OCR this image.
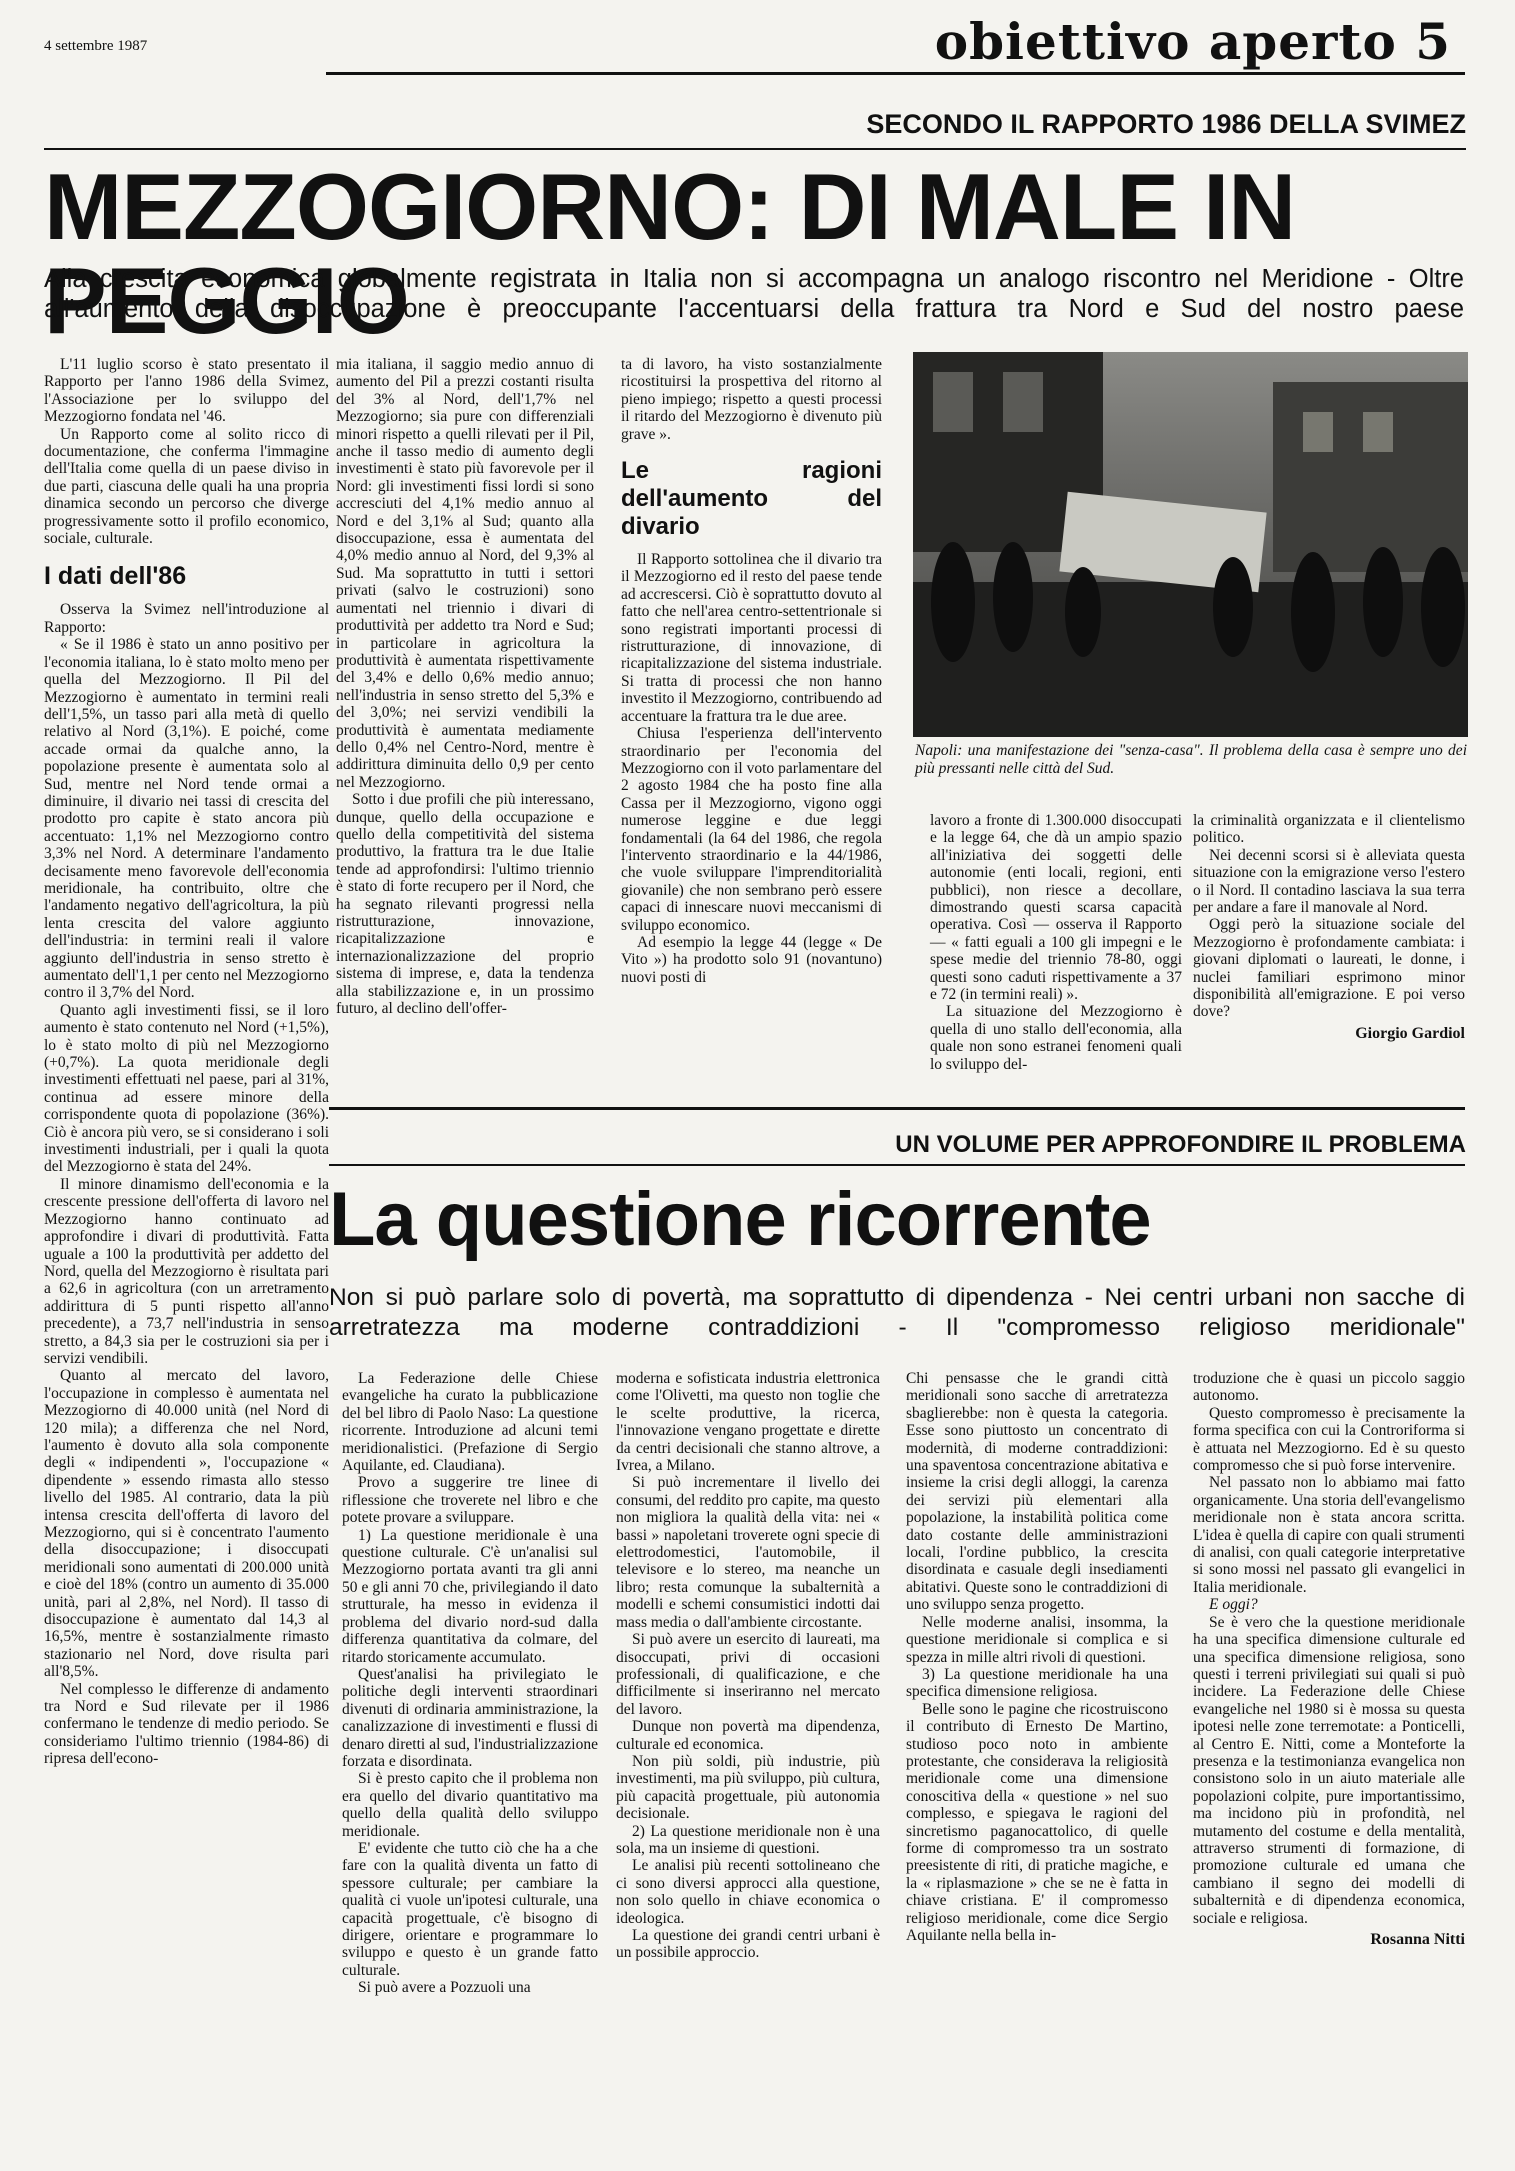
4 settembre 1987	obiettivo aperto 5
SECONDO IL RAPPORTO 1986 DELLA SVIMEZ
MEZZOGIORNO: DI MALE IN PEGGIO
Alla crescita economica globalmente registrata in Italia non si accompagna un analogo riscontro nel Meridione - Oltre all'aumento della disoccupazione è preoccupante l'accentuarsi della frattura tra Nord e Sud del nostro paese

L'11 luglio scorso è stato presentato il Rapporto per l'anno 1986 della Svimez, l'Associazione per lo sviluppo del Mezzogiorno fondata nel '46.

Un Rapporto come al solito ricco di documentazione, che conferma l'immagine dell'Italia come quella di un paese diviso in due parti, ciascuna delle quali ha una propria dinamica secondo un percorso che diverge progressivamente sotto il profilo economico, sociale, culturale.

I dati dell'86

Osserva la Svimez nell'introduzione al Rapporto:

« Se il 1986 è stato un anno positivo per l'economia italiana, lo è stato molto meno per quella del Mezzogiorno. Il Pil del Mezzogiorno è aumentato in termini reali dell'1,5%, un tasso pari alla metà di quello relativo al Nord (3,1%). E poiché, come accade ormai da qualche anno, la popolazione presente è aumentata solo al Sud, mentre nel Nord tende ormai a diminuire, il divario nei tassi di crescita del prodotto pro capite è stato ancora più accentuato: 1,1% nel Mezzogiorno contro 3,3% nel Nord. A determinare l'andamento decisamente meno favorevole dell'economia meridionale, ha contribuito, oltre che l'andamento negativo dell'agricoltura, la più lenta crescita del valore aggiunto dell'industria: in termini reali il valore aggiunto dell'industria in senso stretto è aumentato dell'1,1 per cento nel Mezzogiorno contro il 3,7% del Nord.

Quanto agli investimenti fissi, se il loro aumento è stato contenuto nel Nord (+1,5%), lo è stato molto di più nel Mezzogiorno (+0,7%). La quota meridionale degli investimenti effettuati nel paese, pari al 31%, continua ad essere minore della corrispondente quota di popolazione (36%). Ciò è ancora più vero, se si considerano i soli investimenti industriali, per i quali la quota del Mezzogiorno è stata del 24%.

Il minore dinamismo dell'economia e la crescente pressione dell'offerta di lavoro nel Mezzogiorno hanno continuato ad approfondire i divari di produttività. Fatta uguale a 100 la produttività per addetto del Nord, quella del Mezzogiorno è risultata pari a 62,6 in agricoltura (con un arretramento addirittura di 5 punti rispetto all'anno precedente), a 73,7 nell'industria in senso stretto, a 84,3 sia per le costruzioni sia per i servizi vendibili.

Quanto al mercato del lavoro, l'occupazione in complesso è aumentata nel Mezzogiorno di 40.000 unità (nel Nord di 120 mila); a differenza che nel Nord, l'aumento è dovuto alla sola componente degli « indipendenti », l'occupazione « dipendente » essendo rimasta allo stesso livello del 1985. Al contrario, data la più intensa crescita dell'offerta di lavoro del Mezzogiorno, qui si è concentrato l'aumento della disoccupazione; i disoccupati meridionali sono aumentati di 200.000 unità e cioè del 18% (contro un aumento di 35.000 unità, pari al 2,8%, nel Nord). Il tasso di disoccupazione è aumentato dal 14,3 al 16,5%, mentre è sostanzialmente rimasto stazionario nel Nord, dove risulta pari all'8,5%.

Nel complesso le differenze di andamento tra Nord e Sud rilevate per il 1986 confermano le tendenze di medio periodo. Se consideriamo l'ultimo triennio (1984-86) di ripresa dell'econo-

mia italiana, il saggio medio annuo di aumento del Pil a prezzi costanti risulta del 3% al Nord, dell'1,7% nel Mezzogiorno; sia pure con differenziali minori rispetto a quelli rilevati per il Pil, anche il tasso medio di aumento degli investimenti è stato più favorevole per il Nord: gli investimenti fissi lordi si sono accresciuti del 4,1% medio annuo al Nord e del 3,1% al Sud; quanto alla disoccupazione, essa è aumentata del 4,0% medio annuo al Nord, del 9,3% al Sud. Ma soprattutto in tutti i settori privati (salvo le costruzioni) sono aumentati nel triennio i divari di produttività per addetto tra Nord e Sud; in particolare in agricoltura la produttività è aumentata rispettivamente del 3,4% e dello 0,6% medio annuo; nell'industria in senso stretto del 5,3% e del 3,0%; nei servizi vendibili la produttività è aumentata mediamente dello 0,4% nel Centro-Nord, mentre è addirittura diminuita dello 0,9 per cento nel Mezzogiorno.

Sotto i due profili che più interessano, dunque, quello della occupazione e quello della competitività del sistema produttivo, la frattura tra le due Italie tende ad approfondirsi: l'ultimo triennio è stato di forte recupero per il Nord, che ha segnato rilevanti progressi nella ristrutturazione, innovazione, ricapitalizzazione e internazionalizzazione del proprio sistema di imprese, e, data la tendenza alla stabilizzazione e, in un prossimo futuro, al declino dell'offer-

ta di lavoro, ha visto sostanzialmente ricostituirsi la prospettiva del ritorno al pieno impiego; rispetto a questi processi il ritardo del Mezzogiorno è divenuto più grave ».

Le ragioni dell'aumento del divario

Il Rapporto sottolinea che il divario tra il Mezzogiorno ed il resto del paese tende ad accrescersi. Ciò è soprattutto dovuto al fatto che nell'area centro-settentrionale si sono registrati importanti processi di ristrutturazione, di innovazione, di ricapitalizzazione del sistema industriale. Si tratta di processi che non hanno investito il Mezzogiorno, contribuendo ad accentuare la frattura tra le due aree.

Chiusa l'esperienza dell'intervento straordinario per l'economia del Mezzogiorno con il voto parlamentare del 2 agosto 1984 che ha posto fine alla Cassa per il Mezzogiorno, vigono oggi numerose leggine e due leggi fondamentali (la 64 del 1986, che regola l'intervento straordinario e la 44/1986, che vuole sviluppare l'imprenditorialità giovanile) che non sembrano però essere capaci di innescare nuovi meccanismi di sviluppo economico.

Ad esempio la legge 44 (legge « De Vito ») ha prodotto solo 91 (novantuno) nuovi posti di

Napoli: una manifestazione dei "senza-casa". Il problema della casa è sempre uno dei più pressanti nelle città del Sud.

lavoro a fronte di 1.300.000 disoccupati e la legge 64, che dà un ampio spazio all'iniziativa dei soggetti delle autonomie (enti locali, regioni, enti pubblici), non riesce a decollare, dimostrando questi scarsa capacità operativa. Così — osserva il Rapporto — « fatti eguali a 100 gli impegni e le spese medie del triennio 78-80, oggi questi sono caduti rispettivamente a 37 e 72 (in termini reali) ».

La situazione del Mezzogiorno è quella di uno stallo dell'economia, alla quale non sono estranei fenomeni quali lo sviluppo del-

la criminalità organizzata e il clientelismo politico.

Nei decenni scorsi si è alleviata questa situazione con la emigrazione verso l'estero o il Nord. Il contadino lasciava la sua terra per andare a fare il manovale al Nord.

Oggi però la situazione sociale del Mezzogiorno è profondamente cambiata: i giovani diplomati o laureati, le donne, i nuclei familiari esprimono minor disponibilità all'emigrazione. E poi verso dove?

Giorgio Gardiol
UN VOLUME PER APPROFONDIRE IL PROBLEMA
La questione ricorrente
Non si può parlare solo di povertà, ma soprattutto di dipendenza - Nei centri urbani non sacche di arretratezza ma moderne contraddizioni - Il "compromesso religioso meridionale"

La Federazione delle Chiese evangeliche ha curato la pubblicazione del bel libro di Paolo Naso: La questione ricorrente. Introduzione ad alcuni temi meridionalistici. (Prefazione di Sergio Aquilante, ed. Claudiana).

Provo a suggerire tre linee di riflessione che troverete nel libro e che potete provare a sviluppare.

1) La questione meridionale è una questione culturale. C'è un'analisi sul Mezzogiorno portata avanti tra gli anni 50 e gli anni 70 che, privilegiando il dato strutturale, ha messo in evidenza il problema del divario nord-sud dalla differenza quantitativa da colmare, del ritardo storicamente accumulato.

Quest'analisi ha privilegiato le politiche degli interventi straordinari divenuti di ordinaria amministrazione, la canalizzazione di investimenti e flussi di denaro diretti al sud, l'industrializzazione forzata e disordinata.

Si è presto capito che il problema non era quello del divario quantitativo ma quello della qualità dello sviluppo meridionale.

E' evidente che tutto ciò che ha a che fare con la qualità diventa un fatto di spessore culturale; per cambiare la qualità ci vuole un'ipotesi culturale, una capacità progettuale, c'è bisogno di dirigere, orientare e programmare lo sviluppo e questo è un grande fatto culturale.

Si può avere a Pozzuoli una

moderna e sofisticata industria elettronica come l'Olivetti, ma questo non toglie che le scelte produttive, la ricerca, l'innovazione vengano progettate e dirette da centri decisionali che stanno altrove, a Ivrea, a Milano.

Si può incrementare il livello dei consumi, del reddito pro capite, ma questo non migliora la qualità della vita: nei « bassi » napoletani troverete ogni specie di elettrodomestici, l'automobile, il televisore e lo stereo, ma neanche un libro; resta comunque la subalternità a modelli e schemi consumistici indotti dai mass media o dall'ambiente circostante.

Si può avere un esercito di laureati, ma disoccupati, privi di occasioni professionali, di qualificazione, e che difficilmente si inseriranno nel mercato del lavoro.

Dunque non povertà ma dipendenza, culturale ed economica.

Non più soldi, più industrie, più investimenti, ma più sviluppo, più cultura, più capacità progettuale, più autonomia decisionale.

2) La questione meridionale non è una sola, ma un insieme di questioni.

Le analisi più recenti sottolineano che ci sono diversi approcci alla questione, non solo quello in chiave economica o ideologica.

La questione dei grandi centri urbani è un possibile approccio.

Chi pensasse che le grandi città meridionali sono sacche di arretratezza sbaglierebbe: non è questa la categoria. Esse sono piuttosto un concentrato di modernità, di moderne contraddizioni: una spaventosa concentrazione abitativa e insieme la crisi degli alloggi, la carenza dei servizi più elementari alla popolazione, la instabilità politica come dato costante delle amministrazioni locali, l'ordine pubblico, la crescita disordinata e casuale degli insediamenti abitativi. Queste sono le contraddizioni di uno sviluppo senza progetto.

Nelle moderne analisi, insomma, la questione meridionale si complica e si spezza in mille altri rivoli di questioni.

3) La questione meridionale ha una specifica dimensione religiosa.

Belle sono le pagine che ricostruiscono il contributo di Ernesto De Martino, studioso poco noto in ambiente protestante, che considerava la religiosità meridionale come una dimensione conoscitiva della « questione » nel suo complesso, e spiegava le ragioni del sincretismo paganocattolico, di quelle forme di compromesso tra un sostrato preesistente di riti, di pratiche magiche, e la « riplasmazione » che se ne è fatta in chiave cristiana. E' il compromesso religioso meridionale, come dice Sergio Aquilante nella bella in-

troduzione che è quasi un piccolo saggio autonomo.

Questo compromesso è precisamente la forma specifica con cui la Controriforma si è attuata nel Mezzogiorno. Ed è su questo compromesso che si può forse intervenire.

Nel passato non lo abbiamo mai fatto organicamente. Una storia dell'evangelismo meridionale non è stata ancora scritta. L'idea è quella di capire con quali strumenti di analisi, con quali categorie interpretative si sono mossi nel passato gli evangelici in Italia meridionale.

E oggi?

Se è vero che la questione meridionale ha una specifica dimensione culturale ed una specifica dimensione religiosa, sono questi i terreni privilegiati sui quali si può incidere. La Federazione delle Chiese evangeliche nel 1980 si è mossa su questa ipotesi nelle zone terremotate: a Ponticelli, al Centro E. Nitti, come a Monteforte la presenza e la testimonianza evangelica non consistono solo in un aiuto materiale alle popolazioni colpite, pure importantissimo, ma incidono più in profondità, nel mutamento del costume e della mentalità, attraverso strumenti di formazione, di promozione culturale ed umana che cambiano il segno dei modelli di subalternità e di dipendenza economica, sociale e religiosa.

Rosanna Nitti
